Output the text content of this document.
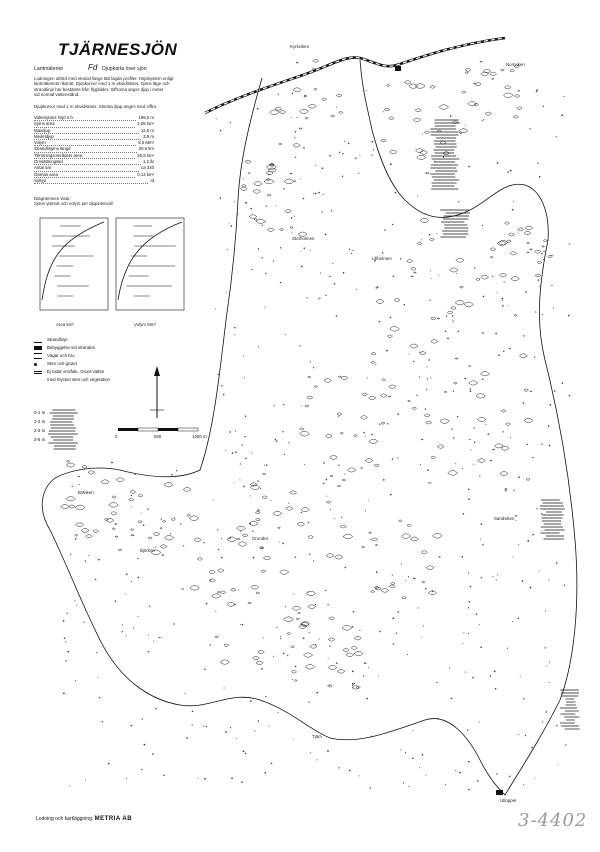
TJÄRNESJÖN
Lantmäteriet	Fd Djupkarta över sjön
Lodningen utförd med ekolod längs tätt lagda profiler. Höjdsystem enligt
lantmäteriets riksnät. Djupkurvor med 1 m ekvidistans. Sjöns läge och
strandlinje har bestämts från flygbilder. Siffrorna anger djup i meter
vid normal vattenstånd.
Djupkurvor med 1 m ekvidistans. Största djup anges med siffra.
Vattenytans höjd ö.h.	195,5 m
Sjöns area	2,05 km²
Maxdjup	12,5 m
Medeldjup	3,9 m
Volym	8,0 Mm³
Strandlinjens längd	20,6 km
Tillrinningsområdets area	25,8 km²
Omsättningstid	1,2 år
Antal öar	ca 340
Öarnas area	0,14 km²
Sjötyp	Id
Diagrammen visar:
Sjöns ytareal och volym per djupintervall
Area km²	Volym Mm³
Strandlinje
Bebyggelse vid stranden
Vägar och bro
Sten och grund
Ej lodat område. Grunt vatten
med mycket sten och vegetation
0-1 m
1-2 m
2-3 m
3-6 m
0	500	1000 m
Kyrkviken
Storholmen
Lillholmen
Boviken
Sandviken
Tjärn
Utloppet
Norrviken
Björkön
Grundet
Lodning och kartläggning: METRIA AB	3-4402
